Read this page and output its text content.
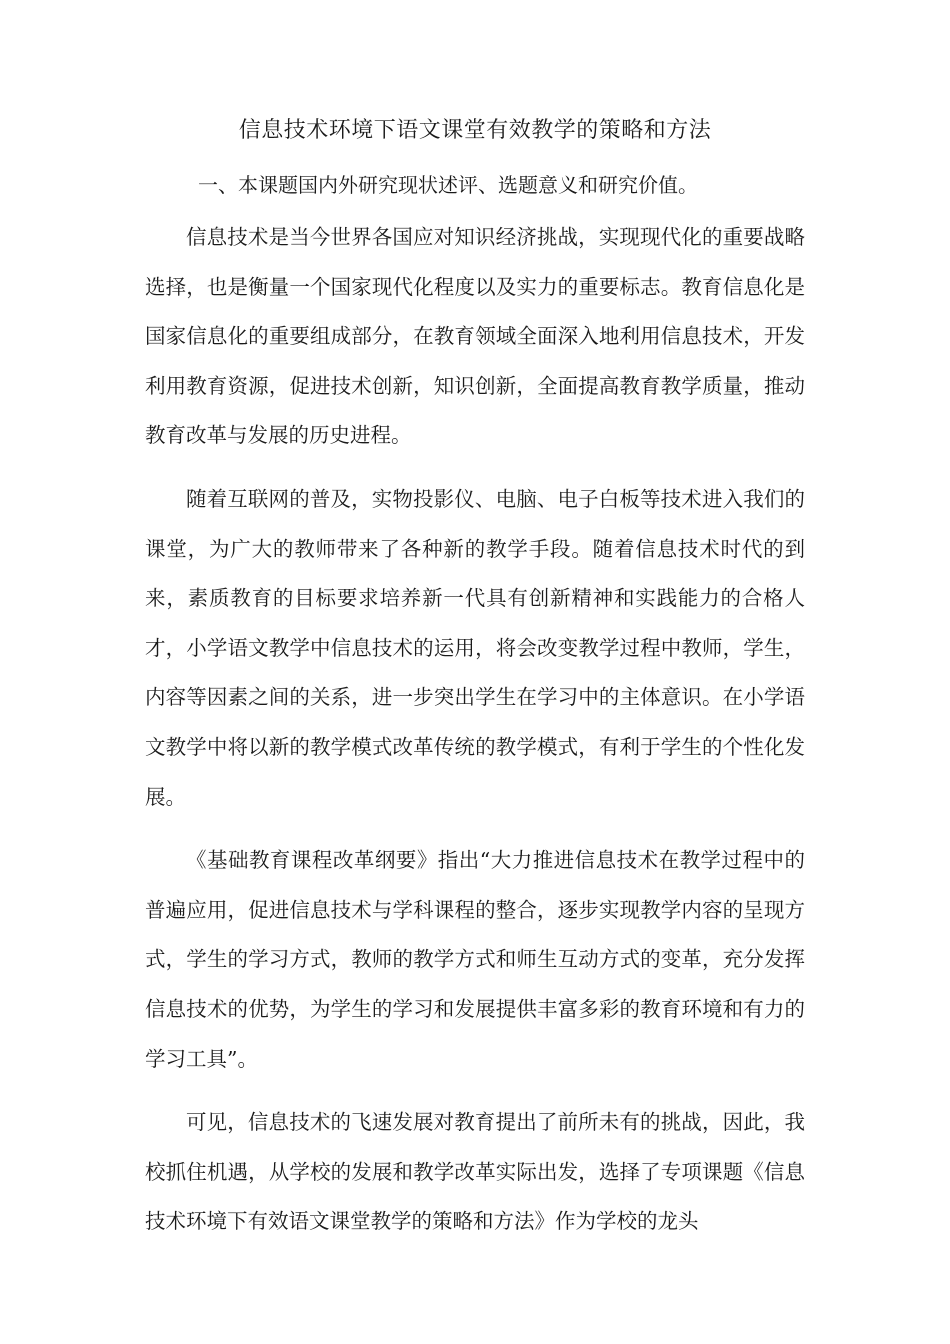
信息技术环境下语文课堂有效教学的策略和方法
一、本课题国内外研究现状述评、选题意义和研究价值。

信息技术是当今世界各国应对知识经济挑战，实现现代化的重要战略选择，也是衡量一个国家现代化程度以及实力的重要标志。教育信息化是国家信息化的重要组成部分，在教育领域全面深入地利用信息技术，开发利用教育资源，促进技术创新，知识创新，全面提高教育教学质量，推动教育改革与发展的历史进程。

随着互联网的普及，实物投影仪、电脑、电子白板等技术进入我们的课堂，为广大的教师带来了各种新的教学手段。随着信息技术时代的到来，素质教育的目标要求培养新一代具有创新精神和实践能力的合格人才，小学语文教学中信息技术的运用，将会改变教学过程中教师，学生，内容等因素之间的关系，进一步突出学生在学习中的主体意识。在小学语文教学中将以新的教学模式改革传统的教学模式，有利于学生的个性化发展。

《基础教育课程改革纲要》指出“大力推进信息技术在教学过程中的普遍应用，促进信息技术与学科课程的整合，逐步实现教学内容的呈现方式，学生的学习方式，教师的教学方式和师生互动方式的变革，充分发挥信息技术的优势，为学生的学习和发展提供丰富多彩的教育环境和有力的学习工具”。

可见，信息技术的飞速发展对教育提出了前所未有的挑战，因此，我校抓住机遇，从学校的发展和教学改革实际出发，选择了专项课题《信息技术环境下有效语文课堂教学的策略和方法》作为学校的龙头
